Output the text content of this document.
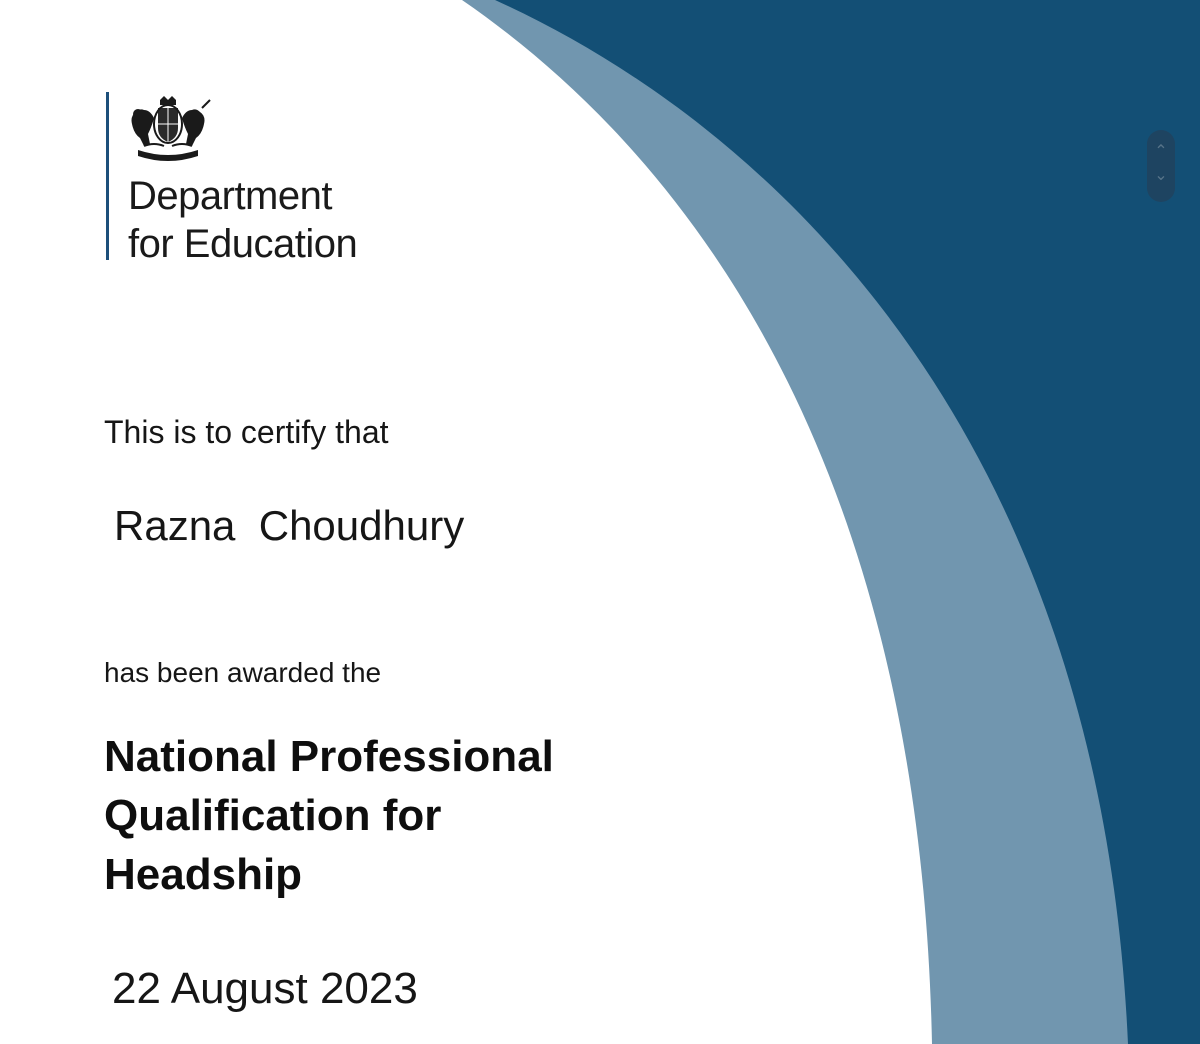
Department
for Education
This is to certify that
Razna  Choudhury
has been awarded the
National Professional
Qualification for
Headship
22 August 2023
⌃
⌄
